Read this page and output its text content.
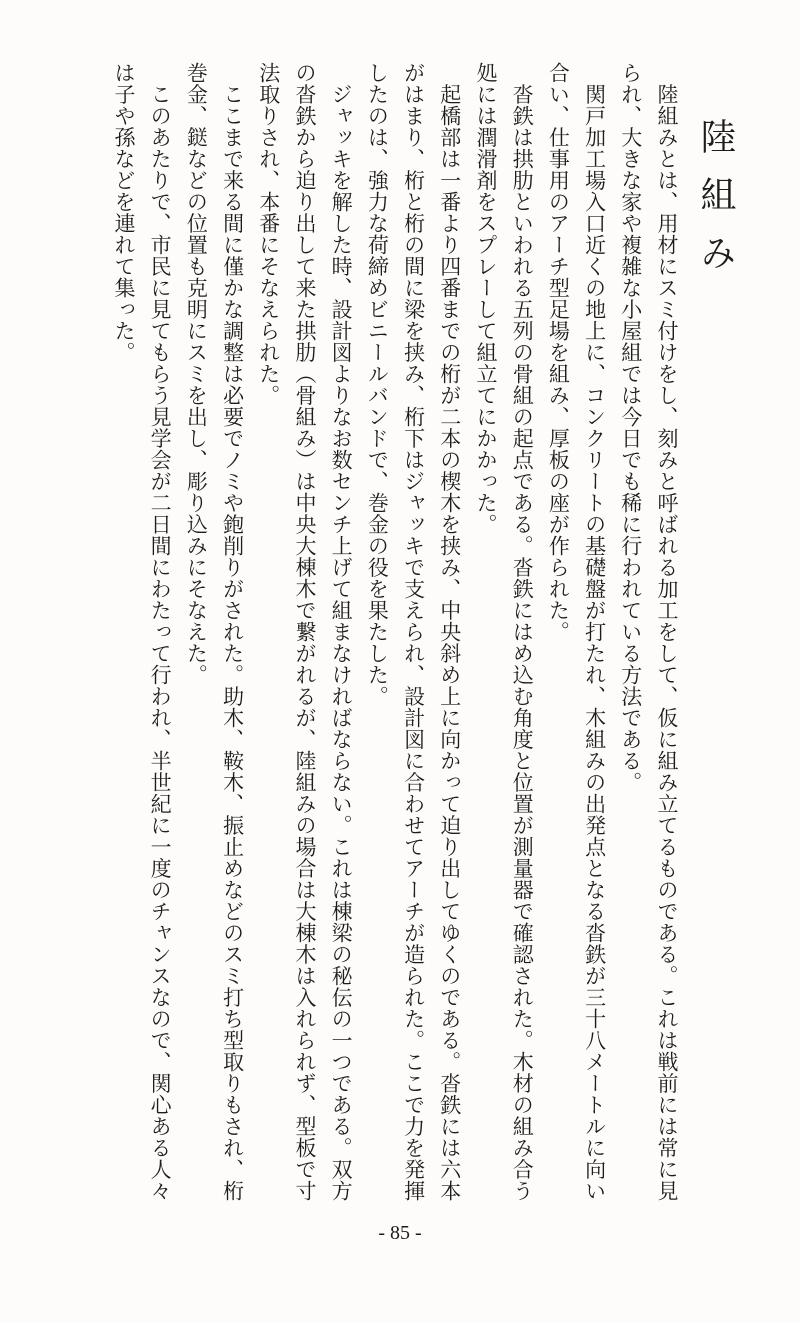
陸組み

　陸組みとは、用材にスミ付けをし、刻みと呼ばれる加工をして、仮に組み立てるものである。これは戦前には常に見られ、大きな家や複雑な小屋組では今日でも稀に行われている方法である。

　関戸加工場入口近くの地上に、コンクリートの基礎盤が打たれ、木組みの出発点となる沓鉄が三十八メートルに向い合い、仕事用のアーチ型足場を組み、厚板の座が作られた。

　沓鉄は拱肋といわれる五列の骨組の起点である。沓鉄にはめ込む角度と位置が測量器で確認された。木材の組み合う処には潤滑剤をスプレーして組立てにかかった。

　起橋部は一番より四番までの桁が二本の楔木を挟み、中央斜め上に向かって迫り出してゆくのである。沓鉄には六本がはまり、桁と桁の間に梁を挟み、桁下はジャッキで支えられ、設計図に合わせてアーチが造られた。ここで力を発揮したのは、強力な荷締めビニールバンドで、巻金の役を果たした。

　ジャッキを解した時、設計図よりなお数センチ上げて組まなければならない。これは棟梁の秘伝の一つである。双方の沓鉄から迫り出して来た拱肋（骨組み）は中央大棟木で繋がれるが、陸組みの場合は大棟木は入れられず、型板で寸法取りされ、本番にそなえられた。

　ここまで来る間に僅かな調整は必要でノミや鉋削りがされた。助木、鞍木、振止めなどのスミ打ち型取りもされ、桁巻金、鎹などの位置も克明にスミを出し、彫り込みにそなえた。

　このあたりで、市民に見てもらう見学会が二日間にわたって行われ、半世紀に一度のチャンスなので、関心ある人々は子や孫などを連れて集った。

- 85 -
